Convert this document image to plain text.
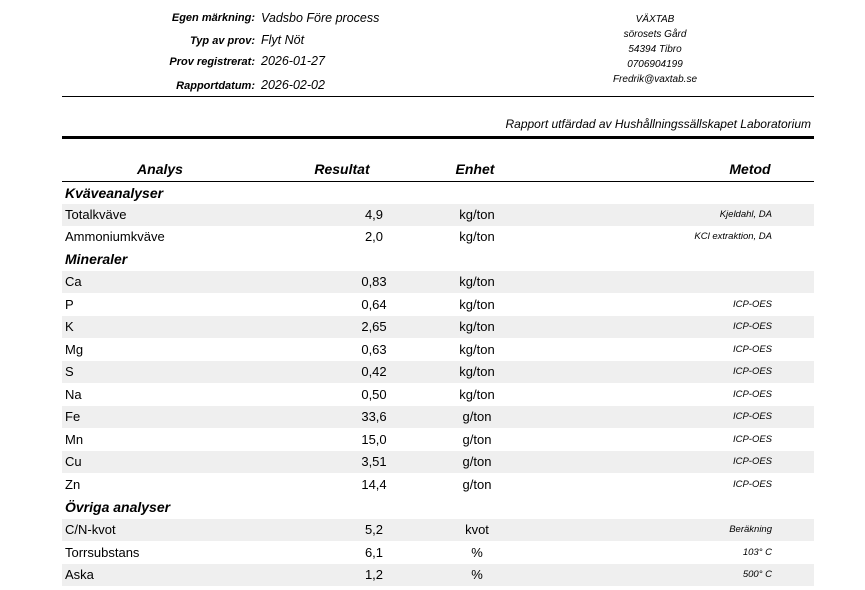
Egen märkning: Vadsbo Före process
Typ av prov: Flyt Nöt
Prov registrerat: 2026-01-27
Rapportdatum: 2026-02-02
VÄXTAB
sörosets Gård
54394 Tibro
0706904199
Fredrik@vaxtab.se
Rapport utfärdad av Hushållningssällskapet Laboratorium
Analys	Resultat	Enhet	Metod
Kväveanalyser
Totalkväve	4,9	kg/ton	Kjeldahl, DA
Ammoniumkväve	2,0	kg/ton	KCl extraktion, DA
Mineraler
Ca	0,83	kg/ton
P	0,64	kg/ton	ICP-OES
K	2,65	kg/ton	ICP-OES
Mg	0,63	kg/ton	ICP-OES
S	0,42	kg/ton	ICP-OES
Na	0,50	kg/ton	ICP-OES
Fe	33,6	g/ton	ICP-OES
Mn	15,0	g/ton	ICP-OES
Cu	3,51	g/ton	ICP-OES
Zn	14,4	g/ton	ICP-OES
Övriga analyser
C/N-kvot	5,2	kvot	Beräkning
Torrsubstans	6,1	%	103° C
Aska	1,2	%	500° C
